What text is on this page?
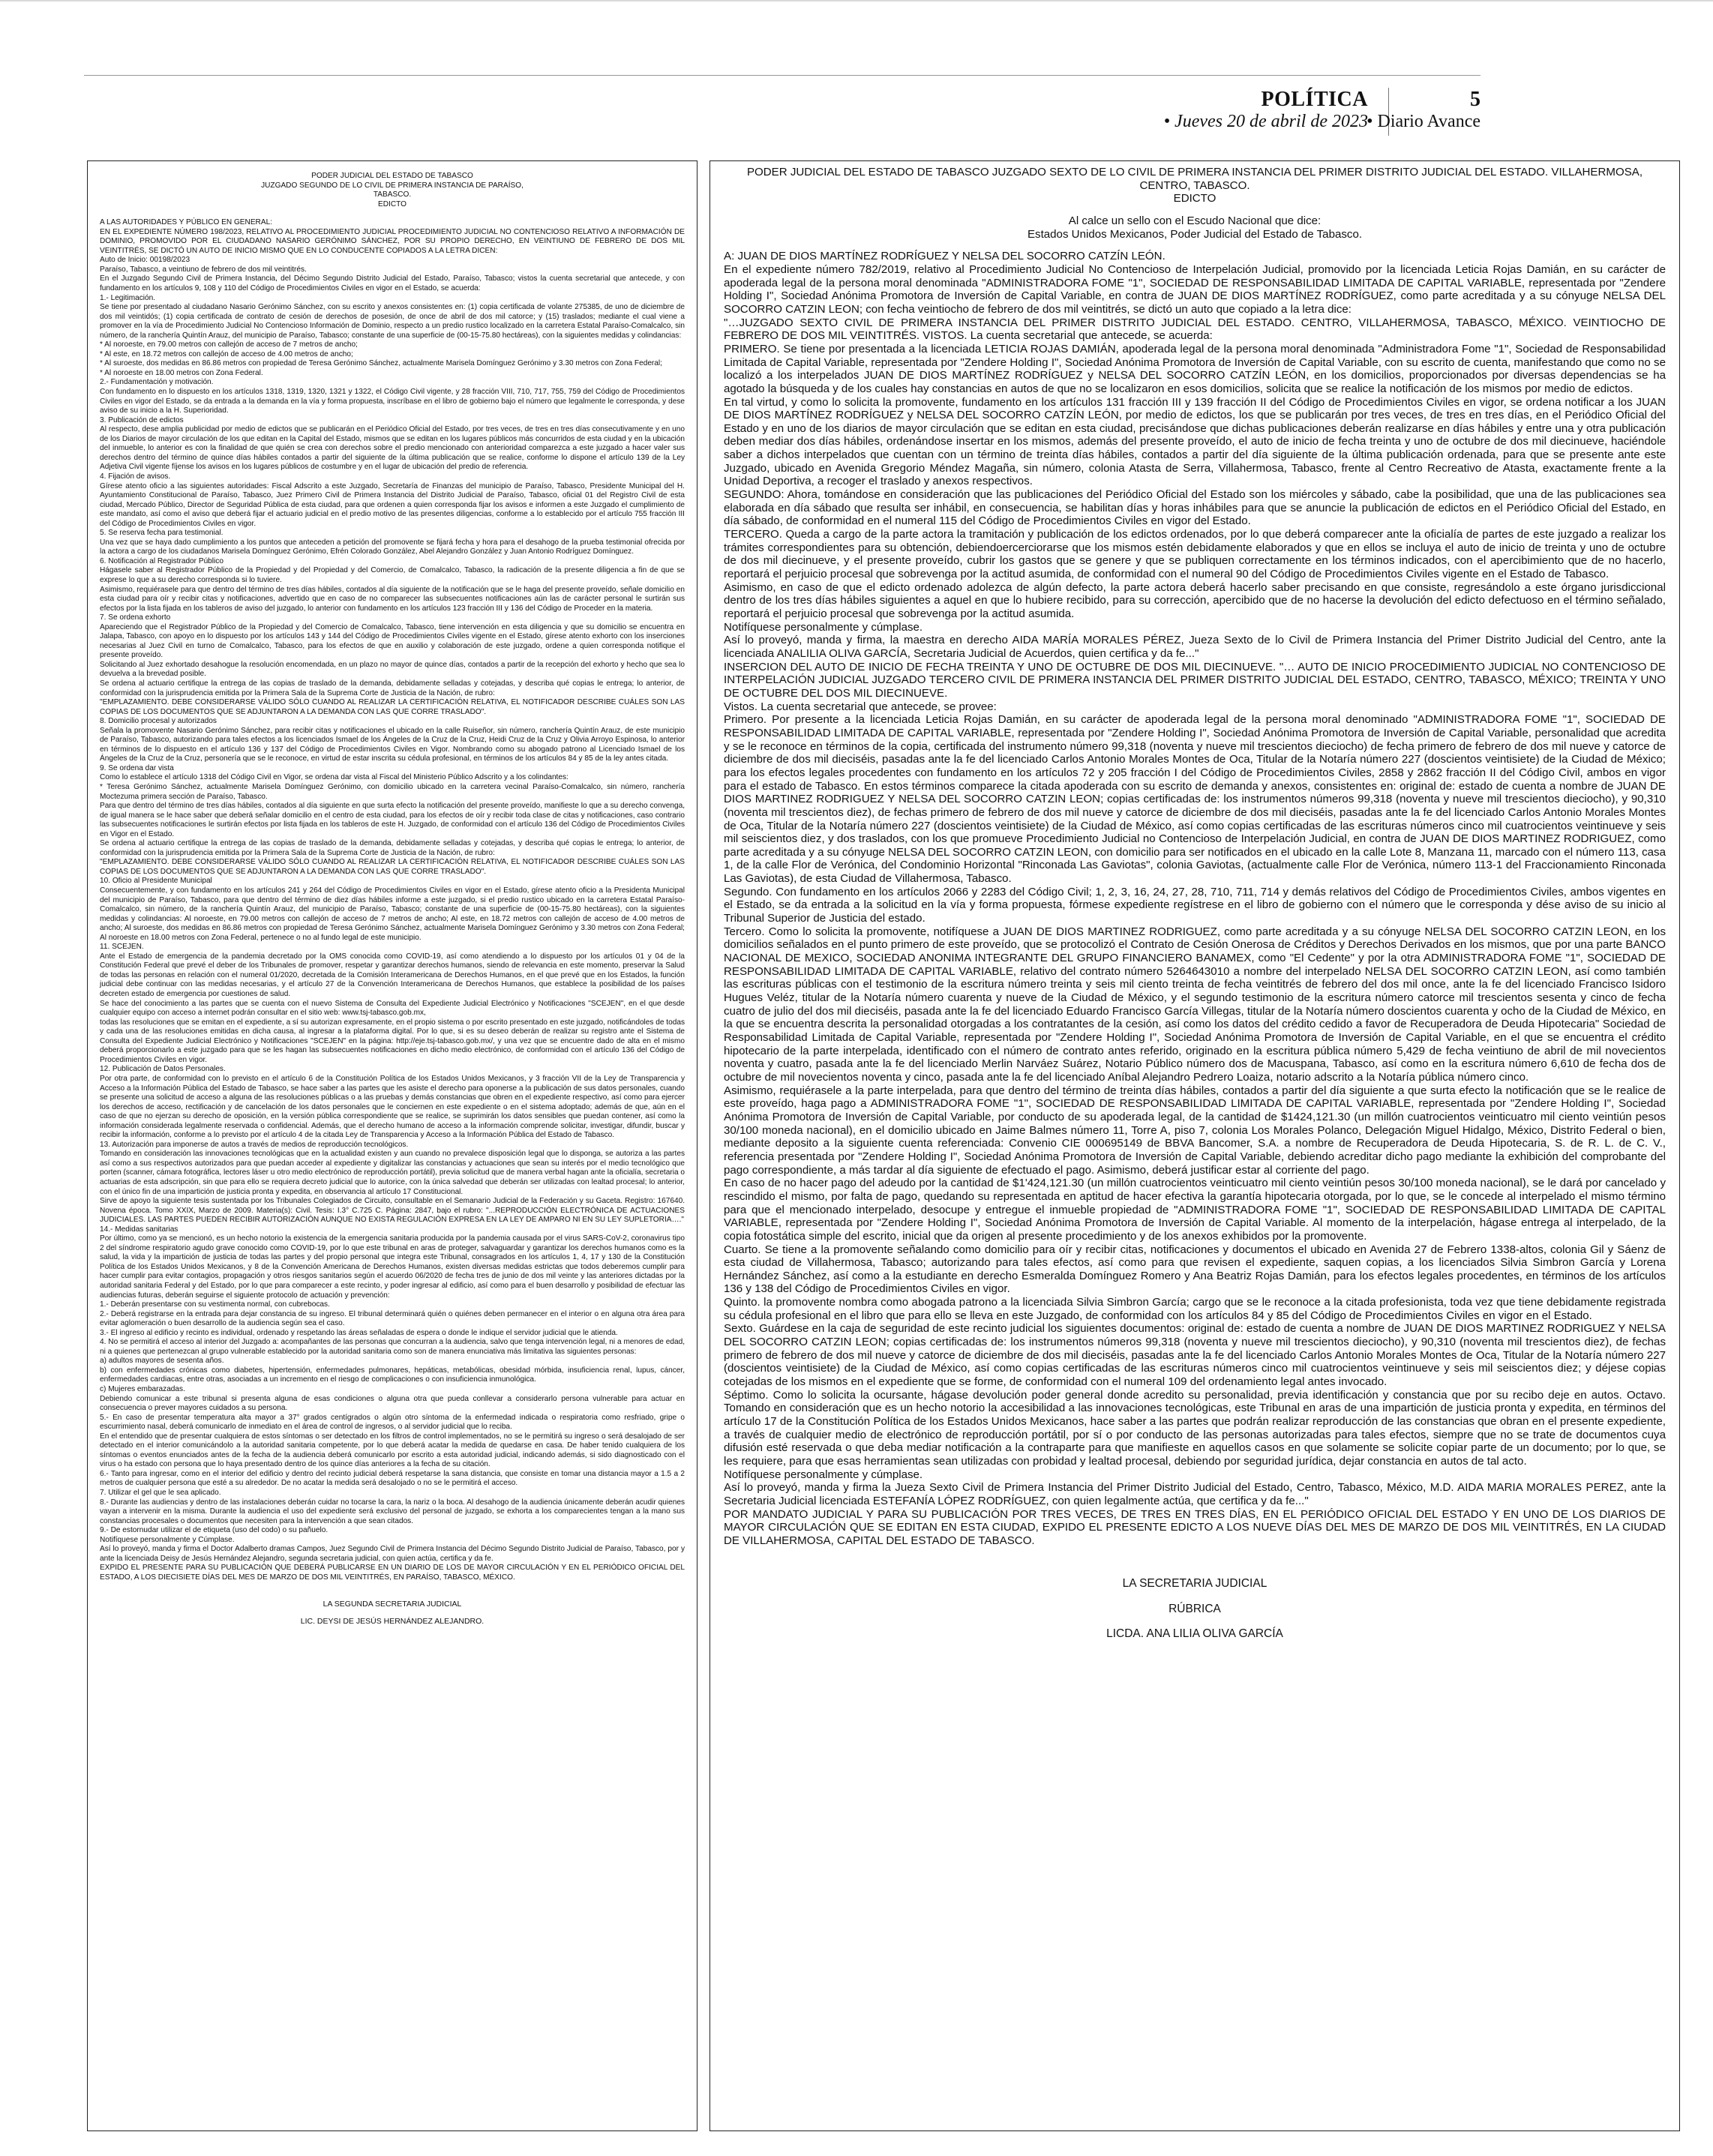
POLÍTICA	5
• Jueves 20 de abril de 2023
• Diario Avance

PODER JUDICIAL DEL ESTADO DE TABASCO

JUZGADO SEGUNDO DE LO CIVIL DE PRIMERA INSTANCIA DE PARAÍSO,

TABASCO.

EDICTO

A LAS AUTORIDADES Y PÚBLICO EN GENERAL:

EN EL EXPEDIENTE NÚMERO 198/2023, RELATIVO AL PROCEDIMIENTO JUDICIAL PROCEDIMIENTO JUDICIAL NO CONTENCIOSO RELATIVO A INFORMACIÓN DE DOMINIO, PROMOVIDO POR EL CIUDADANO NASARIO GERÓNIMO SÁNCHEZ, POR SU PROPIO DERECHO, EN VEINTIUNO DE FEBRERO DE DOS MIL VEINTITRÉS, SE DICTÓ UN AUTO DE INICIO MISMO QUE EN LO CONDUCENTE COPIADOS A LA LETRA DICEN:

Auto de Inicio: 00198/2023

Paraíso, Tabasco, a veintiuno de febrero de dos mil veintitrés.

En el Juzgado Segundo Civil de Primera Instancia, del Décimo Segundo Distrito Judicial del Estado, Paraíso, Tabasco; vistos la cuenta secretarial que antecede, y con fundamento en los artículos 9, 108 y 110 del Código de Procedimientos Civiles en vigor en el Estado, se acuerda:

1.- Legitimación.

Se tiene por presentado al ciudadano Nasario Gerónimo Sánchez, con su escrito y anexos consistentes en: (1) copia certificada de volante 275385, de uno de diciembre de dos mil veintidós; (1) copia certificada de contrato de cesión de derechos de posesión, de once de abril de dos mil catorce; y (15) traslados; mediante el cual viene a promover en la vía de Procedimiento Judicial No Contencioso Información de Dominio, respecto a un predio rustico localizado en la carretera Estatal Paraíso-Comalcalco, sin número, de la ranchería Quintín Arauz, del municipio de Paraíso, Tabasco; constante de una superficie de (00-15-75.80 hectáreas), con la siguientes medidas y colindancias:

* Al noroeste, en 79.00 metros con callejón de acceso de 7 metros de ancho;

* Al este, en 18.72 metros con callejón de acceso de 4.00 metros de ancho;

* Al suroeste, dos medidas en 86.86 metros con propiedad de Teresa Gerónimo Sánchez, actualmente Marisela Domínguez Gerónimo y 3.30 metros con Zona Federal;

* Al noroeste en 18.00 metros con Zona Federal.

2.- Fundamentación y motivación.

Con fundamento en lo dispuesto en los artículos 1318, 1319, 1320, 1321 y 1322, el Código Civil vigente, y 28 fracción VIII, 710, 717, 755, 759 del Código de Procedimientos Civiles en vigor del Estado, se da entrada a la demanda en la vía y forma propuesta, inscríbase en el libro de gobierno bajo el número que legalmente le corresponda, y dese aviso de su inicio a la H. Superioridad.

3. Publicación de edictos

Al respecto, dese amplia publicidad por medio de edictos que se publicarán en el Periódico Oficial del Estado, por tres veces, de tres en tres días consecutivamente y en uno de los Diarios de mayor circulación de los que editan en la Capital del Estado, mismos que se editan en los lugares públicos más concurridos de esta ciudad y en la ubicación del inmueble, lo anterior es con la finalidad de que quién se crea con derechos sobre el predio mencionado con anterioridad comparezca a este juzgado a hacer valer sus derechos dentro del término de quince días hábiles contados a partir del siguiente de la última publicación que se realice, conforme lo dispone el artículo 139 de la Ley Adjetiva Civil vigente fíjense los avisos en los lugares públicos de costumbre y en el lugar de ubicación del predio de referencia.

4. Fijación de avisos.

Gírese atento oficio a las siguientes autoridades: Fiscal Adscrito a este Juzgado, Secretaría de Finanzas del municipio de Paraíso, Tabasco, Presidente Municipal del H. Ayuntamiento Constitucional de Paraíso, Tabasco, Juez Primero Civil de Primera Instancia del Distrito Judicial de Paraíso, Tabasco, oficial 01 del Registro Civil de esta ciudad, Mercado Público, Director de Seguridad Pública de esta ciudad, para que ordenen a quien corresponda fijar los avisos e informen a este Juzgado el cumplimiento de este mandato, así como el aviso que deberá fijar el actuario judicial en el predio motivo de las presentes diligencias, conforme a lo establecido por el artículo 755 fracción III del Código de Procedimientos Civiles en vigor.

5. Se reserva fecha para testimonial.

Una vez que se haya dado cumplimiento a los puntos que anteceden a petición del promovente se fijará fecha y hora para el desahogo de la prueba testimonial ofrecida por la actora a cargo de los ciudadanos Marisela Domínguez Gerónimo, Efrén Colorado González, Abel Alejandro González y Juan Antonio Rodríguez Domínguez.

6. Notificación al Registrador Público

Hágasele saber al Registrador Público de la Propiedad y del Propiedad y del Comercio, de Comalcalco, Tabasco, la radicación de la presente diligencia a fin de que se exprese lo que a su derecho corresponda si lo tuviere.

Asimismo, requiérasele para que dentro del término de tres días hábiles, contados al día siguiente de la notificación que se le haga del presente proveído, señale domicilio en esta ciudad para oír y recibir citas y notificaciones, advertido que en caso de no comparecer las subsecuentes notificaciones aún las de carácter personal le surtirán sus efectos por la lista fijada en los tableros de aviso del juzgado, lo anterior con fundamento en los artículos 123 fracción III y 136 del Código de Proceder en la materia.

7. Se ordena exhorto

Apareciendo que el Registrador Público de la Propiedad y del Comercio de Comalcalco, Tabasco, tiene intervención en esta diligencia y que su domicilio se encuentra en Jalapa, Tabasco, con apoyo en lo dispuesto por los artículos 143 y 144 del Código de Procedimientos Civiles vigente en el Estado, gírese atento exhorto con los inserciones necesarias al Juez Civil en turno de Comalcalco, Tabasco, para los efectos de que en auxilio y colaboración de este juzgado, ordene a quien corresponda notifique el presente proveído.

Solicitando al Juez exhortado desahogue la resolución encomendada, en un plazo no mayor de quince días, contados a partir de la recepción del exhorto y hecho que sea lo devuelva a la brevedad posible.

Se ordena al actuario certifique la entrega de las copias de traslado de la demanda, debidamente selladas y cotejadas, y describa qué copias le entrega; lo anterior, de conformidad con la jurisprudencia emitida por la Primera Sala de la Suprema Corte de Justicia de la Nación, de rubro:

"EMPLAZAMIENTO. DEBE CONSIDERARSE VÁLIDO SÓLO CUANDO AL REALIZAR LA CERTIFICACIÓN RELATIVA, EL NOTIFICADOR DESCRIBE CUÁLES SON LAS COPIAS DE LOS DOCUMENTOS QUE SE ADJUNTARON A LA DEMANDA CON LAS QUE CORRE TRASLADO".

8. Domicilio procesal y autorizados

Señala la promovente Nasario Gerónimo Sánchez, para recibir citas y notificaciones el ubicado en la calle Ruiseñor, sin número, ranchería Quintín Arauz, de este municipio de Paraíso, Tabasco, autorizando para tales efectos a los licenciados Ismael de los Ángeles de la Cruz de la Cruz, Heidi Cruz de la Cruz y Olivia Arroyo Espinosa, lo anterior en términos de lo dispuesto en el artículo 136 y 137 del Código de Procedimientos Civiles en Vigor. Nombrando como su abogado patrono al Licenciado Ismael de los Ángeles de la Cruz de la Cruz, personería que se le reconoce, en virtud de estar inscrita su cédula profesional, en términos de los artículos 84 y 85 de la ley antes citada.

9. Se ordena dar vista

Como lo establece el artículo 1318 del Código Civil en Vigor, se ordena dar vista al Fiscal del Ministerio Público Adscrito y a los colindantes:

* Teresa Gerónimo Sánchez, actualmente Marisela Domínguez Gerónimo, con domicilio ubicado en la carretera vecinal Paraíso-Comalcalco, sin número, ranchería Moctezuma primera sección de Paraíso, Tabasco.

Para que dentro del término de tres días hábiles, contados al día siguiente en que surta efecto la notificación del presente proveído, manifieste lo que a su derecho convenga, de igual manera se le hace saber que deberá señalar domicilio en el centro de esta ciudad, para los efectos de oír y recibir toda clase de citas y notificaciones, caso contrario las subsecuentes notificaciones le surtirán efectos por lista fijada en los tableros de este H. Juzgado, de conformidad con el artículo 136 del Código de Procedimientos Civiles en Vigor en el Estado.

Se ordena al actuario certifique la entrega de las copias de traslado de la demanda, debidamente selladas y cotejadas, y describa qué copias le entrega; lo anterior, de conformidad con la jurisprudencia emitida por la Primera Sala de la Suprema Corte de Justicia de la Nación, de rubro:

"EMPLAZAMIENTO. DEBE CONSIDERARSE VÁLIDO SÓLO CUANDO AL REALIZAR LA CERTIFICACIÓN RELATIVA, EL NOTIFICADOR DESCRIBE CUÁLES SON LAS COPIAS DE LOS DOCUMENTOS QUE SE ADJUNTARON A LA DEMANDA CON LAS QUE CORRE TRASLADO".

10. Oficio al Presidente Municipal

Consecuentemente, y con fundamento en los artículos 241 y 264 del Código de Procedimientos Civiles en vigor en el Estado, gírese atento oficio a la Presidenta Municipal del municipio de Paraíso, Tabasco, para que dentro del término de diez días hábiles informe a este juzgado, si el predio rustico ubicado en la carretera Estatal Paraíso-Comalcalco, sin número, de la ranchería Quintín Arauz, del municipio de Paraíso, Tabasco; constante de una superficie de (00-15-75.80 hectáreas), con la siguientes medidas y colindancias: Al noroeste, en 79.00 metros con callejón de acceso de 7 metros de ancho; Al este, en 18.72 metros con callejón de acceso de 4.00 metros de ancho; Al suroeste, dos medidas en 86.86 metros con propiedad de Teresa Gerónimo Sánchez, actualmente Marisela Domínguez Gerónimo y 3.30 metros con Zona Federal; Al noroeste en 18.00 metros con Zona Federal, pertenece o no al fundo legal de este municipio.

11. SCEJEN.

Ante el Estado de emergencia de la pandemia decretado por la OMS conocida como COVID-19, así como atendiendo a lo dispuesto por los artículos 01 y 04 de la Constitución Federal que prevé el deber de los Tribunales de promover, respetar y garantizar derechos humanos, siendo de relevancia en este momento, preservar la Salud de todas las personas en relación con el numeral 01/2020, decretada de la Comisión Interamericana de Derechos Humanos, en el que prevé que en los Estados, la función judicial debe continuar con las medidas necesarias, y el artículo 27 de la Convención Interamericana de Derechos Humanos, que establece la posibilidad de los países decreten estado de emergencia por cuestiones de salud.

Se hace del conocimiento a las partes que se cuenta con el nuevo Sistema de Consulta del Expediente Judicial Electrónico y Notificaciones "SCEJEN", en el que desde cualquier equipo con acceso a internet podrán consultar en el sitio web: www.tsj-tabasco.gob.mx,

todas las resoluciones que se emitan en el expediente, a sí su autorizan expresamente, en el propio sistema o por escrito presentado en este juzgado, notificándoles de todas y cada una de las resoluciones emitidas en dicha causa, al ingresar a la plataforma digital. Por lo que, si es su deseo deberán de realizar su registro ante el Sistema de Consulta del Expediente Judicial Electrónico y Notificaciones "SCEJEN" en la página: http://eje.tsj-tabasco.gob.mx/, y una vez que se encuentre dado de alta en el mismo deberá proporcionarlo a este juzgado para que se les hagan las subsecuentes notificaciones en dicho medio electrónico, de conformidad con el artículo 136 del Código de Procedimientos Civiles en vigor.

12. Publicación de Datos Personales.

Por otra parte, de conformidad con lo previsto en el artículo 6 de la Constitución Política de los Estados Unidos Mexicanos, y 3 fracción VII de la Ley de Transparencia y Acceso a la Información Pública del Estado de Tabasco, se hace saber a las partes que les asiste el derecho para oponerse a la publicación de sus datos personales, cuando se presente una solicitud de acceso a alguna de las resoluciones públicas o a las pruebas y demás constancias que obren en el expediente respectivo, así como para ejercer los derechos de acceso, rectificación y de cancelación de los datos personales que le conciernen en este expediente o en el sistema adoptado; además de que, aún en el caso de que no ejerzan su derecho de oposición, en la versión pública correspondiente que se realice, se suprimirán los datos sensibles que puedan contener, así como la información considerada legalmente reservada o confidencial. Además, que el derecho humano de acceso a la información comprende solicitar, investigar, difundir, buscar y recibir la información, conforme a lo previsto por el artículo 4 de la citada Ley de Transparencia y Acceso a la Información Pública del Estado de Tabasco.

13. Autorización para imponerse de autos a través de medios de reproducción tecnológicos.

Tomando en consideración las innovaciones tecnológicas que en la actualidad existen y aun cuando no prevalece disposición legal que lo disponga, se autoriza a las partes así como a sus respectivos autorizados para que puedan acceder al expediente y digitalizar las constancias y actuaciones que sean su interés por el medio tecnológico que porten (scanner, cámara fotográfica, lectores láser u otro medio electrónico de reproducción portátil), previa solicitud que de manera verbal hagan ante la oficialía, secretaria o actuarias de esta adscripción, sin que para ello se requiera decreto judicial que lo autorice, con la única salvedad que deberán ser utilizadas con lealtad procesal; lo anterior, con el único fin de una impartición de justicia pronta y expedita, en observancia al artículo 17 Constitucional.

Sirve de apoyo la siguiente tesis sustentada por los Tribunales Colegiados de Circuito, consultable en el Semanario Judicial de la Federación y su Gaceta. Registro: 167640. Novena época. Tomo XXIX, Marzo de 2009. Materia(s): Civil. Tesis: I.3° C.725 C. Página: 2847, bajo el rubro: "...REPRODUCCIÓN ELECTRÓNICA DE ACTUACIONES JUDICIALES. LAS PARTES PUEDEN RECIBIR AUTORIZACIÓN AUNQUE NO EXISTA REGULACIÓN EXPRESA EN LA LEY DE AMPARO NI EN SU LEY SUPLETORIA…."

14.- Medidas sanitarias

Por último, como ya se mencionó, es un hecho notorio la existencia de la emergencia sanitaria producida por la pandemia causada por el virus SARS-CoV-2, coronavirus tipo 2 del síndrome respiratorio agudo grave conocido como COVID-19, por lo que este tribunal en aras de proteger, salvaguardar y garantizar los derechos humanos como es la salud, la vida y la impartición de justicia de todas las partes y del propio personal que integra este Tribunal, consagrados en los artículos 1, 4, 17 y 130 de la Constitución Política de los Estados Unidos Mexicanos, y 8 de la Convención Americana de Derechos Humanos, existen diversas medidas estrictas que todos deberemos cumplir para hacer cumplir para evitar contagios, propagación y otros riesgos sanitarios según el acuerdo 06/2020 de fecha tres de junio de dos mil veinte y las anteriores dictadas por la autoridad sanitaria Federal y del Estado, por lo que para comparecer a este recinto, y poder ingresar al edificio, así como para el buen desarrollo y posibilidad de efectuar las audiencias futuras, deberán seguirse el siguiente protocolo de actuación y prevención:

1.- Deberán presentarse con su vestimenta normal, con cubrebocas.

2.- Deberá registrarse en la entrada para dejar constancia de su ingreso. El tribunal determinará quién o quiénes deben permanecer en el interior o en alguna otra área para evitar aglomeración o buen desarrollo de la audiencia según sea el caso.

3.- El ingreso al edificio y recinto es individual, ordenado y respetando las áreas señaladas de espera o donde le indique el servidor judicial que le atienda.

4. No se permitirá el acceso al interior del Juzgado a: acompañantes de las personas que concurran a la audiencia, salvo que tenga intervención legal, ni a menores de edad, ni a quienes que pertenezcan al grupo vulnerable establecido por la autoridad sanitaria como son de manera enunciativa más limitativa las siguientes personas:

a) adultos mayores de sesenta años.

b) con enfermedades crónicas como diabetes, hipertensión, enfermedades pulmonares, hepáticas, metabólicas, obesidad mórbida, insuficiencia renal, lupus, cáncer, enfermedades cardiacas, entre otras, asociadas a un incremento en el riesgo de complicaciones o con insuficiencia inmunológica.

c) Mujeres embarazadas.

Debiendo comunicar a este tribunal si presenta alguna de esas condiciones o alguna otra que pueda conllevar a considerarlo persona vulnerable para actuar en consecuencia o prever mayores cuidados a su persona.

5.- En caso de presentar temperatura alta mayor a 37° grados centígrados o algún otro síntoma de la enfermedad indicada o respiratoria como resfriado, gripe o escurrimiento nasal, deberá comunicarlo de inmediato en el área de control de ingresos, o al servidor judicial que lo reciba.

En el entendido que de presentar cualquiera de estos síntomas o ser detectado en los filtros de control implementados, no se le permitirá su ingreso o será desalojado de ser detectado en el interior comunicándolo a la autoridad sanitaria competente, por lo que deberá acatar la medida de quedarse en casa. De haber tenido cualquiera de los síntomas o eventos enunciados antes de la fecha de la audiencia deberá comunicarlo por escrito a esta autoridad judicial, indicando además, si sido diagnosticado con el virus o ha estado con persona que lo haya presentado dentro de los quince días anteriores a la fecha de su citación.

6.- Tanto para ingresar, como en el interior del edificio y dentro del recinto judicial deberá respetarse la sana distancia, que consiste en tomar una distancia mayor a 1.5 a 2 metros de cualquier persona que esté a su alrededor. De no acatar la medida será desalojado o no se le permitirá el acceso.

7. Utilizar el gel que le sea aplicado.

8.- Durante las audiencias y dentro de las instalaciones deberán cuidar no tocarse la cara, la nariz o la boca. Al desahogo de la audiencia únicamente deberán acudir quienes vayan a intervenir en la misma. Durante la audiencia el uso del expediente será exclusivo del personal de juzgado, se exhorta a los comparecientes tengan a la mano sus constancias procesales o documentos que necesiten para la intervención a que sean citados.

9.- De estornudar utilizar el de etiqueta (uso del codo) o su pañuelo.

Notifíquese personalmente y Cúmplase.

Así lo proveyó, manda y firma el Doctor Adalberto dramas Campos, Juez Segundo Civil de Primera Instancia del Décimo Segundo Distrito Judicial de Paraíso, Tabasco, por y ante la licenciada Deisy de Jesús Hernández Alejandro, segunda secretaria judicial, con quien actúa, certifica y da fe.

EXPIDO EL PRESENTE PARA SU PUBLICACIÓN QUE DEBERÁ PUBLICARSE EN UN DIARIO DE LOS DE MAYOR CIRCULACIÓN Y EN EL PERIÓDICO OFICIAL DEL ESTADO, A LOS DIECISIETE DÍAS DEL MES DE MARZO DE DOS MIL VEINTITRÉS, EN PARAÍSO, TABASCO, MÉXICO.

LA SEGUNDA SECRETARIA JUDICIAL

LIC. DEYSI DE JESÚS HERNÁNDEZ ALEJANDRO.

PODER JUDICIAL DEL ESTADO DE TABASCO JUZGADO SEXTO DE LO CIVIL DE PRIMERA INSTANCIA DEL PRIMER DISTRITO JUDICIAL DEL ESTADO. VILLAHERMOSA, CENTRO, TABASCO.

EDICTO

Al calce un sello con el Escudo Nacional que dice:

Estados Unidos Mexicanos, Poder Judicial del Estado de Tabasco.

A: JUAN DE DIOS MARTÍNEZ RODRÍGUEZ Y NELSA DEL SOCORRO CATZÍN LEÓN.

En el expediente número 782/2019, relativo al Procedimiento Judicial No Contencioso de Interpelación Judicial, promovido por la licenciada Leticia Rojas Damián, en su carácter de apoderada legal de la persona moral denominada "ADMINISTRADORA FOME "1", SOCIEDAD DE RESPONSABILIDAD LIMITADA DE CAPITAL VARIABLE, representada por "Zendere Holding I", Sociedad Anónima Promotora de Inversión de Capital Variable, en contra de JUAN DE DIOS MARTÍNEZ RODRÍGUEZ, como parte acreditada y a su cónyuge NELSA DEL SOCORRO CATZIN LEON; con fecha veintiocho de febrero de dos mil veintitrés, se dictó un auto que copiado a la letra dice:

"…JUZGADO SEXTO CIVIL DE PRIMERA INSTANCIA DEL PRIMER DISTRITO JUDICIAL DEL ESTADO. CENTRO, VILLAHERMOSA, TABASCO, MÉXICO. VEINTIOCHO DE FEBRERO DE DOS MIL VEINTITRÉS. VISTOS. La cuenta secretarial que antecede, se acuerda:

PRIMERO. Se tiene por presentada a la licenciada LETICIA ROJAS DAMIÁN, apoderada legal de la persona moral denominada "Administradora Fome "1", Sociedad de Responsabilidad Limitada de Capital Variable, representada por "Zendere Holding I", Sociedad Anónima Promotora de Inversión de Capital Variable, con su escrito de cuenta, manifestando que como no se localizó a los interpelados JUAN DE DIOS MARTÍNEZ RODRÍGUEZ y NELSA DEL SOCORRO CATZÍN LEÓN, en los domicilios, proporcionados por diversas dependencias se ha agotado la búsqueda y de los cuales hay constancias en autos de que no se localizaron en esos domicilios, solicita que se realice la notificación de los mismos por medio de edictos.

En tal virtud, y como lo solicita la promovente, fundamento en los artículos 131 fracción III y 139 fracción II del Código de Procedimientos Civiles en vigor, se ordena notificar a los JUAN DE DIOS MARTÍNEZ RODRÍGUEZ y NELSA DEL SOCORRO CATZÍN LEÓN, por medio de edictos, los que se publicarán por tres veces, de tres en tres días, en el Periódico Oficial del Estado y en uno de los diarios de mayor circulación que se editan en esta ciudad, precisándose que dichas publicaciones deberán realizarse en días hábiles y entre una y otra publicación deben mediar dos días hábiles, ordenándose insertar en los mismos, además del presente proveído, el auto de inicio de fecha treinta y uno de octubre de dos mil diecinueve, haciéndole saber a dichos interpelados que cuentan con un término de treinta días hábiles, contados a partir del día siguiente de la última publicación ordenada, para que se presente ante este Juzgado, ubicado en Avenida Gregorio Méndez Magaña, sin número, colonia Atasta de Serra, Villahermosa, Tabasco, frente al Centro Recreativo de Atasta, exactamente frente a la Unidad Deportiva, a recoger el traslado y anexos respectivos.

SEGUNDO: Ahora, tomándose en consideración que las publicaciones del Periódico Oficial del Estado son los miércoles y sábado, cabe la posibilidad, que una de las publicaciones sea elaborada en día sábado que resulta ser inhábil, en consecuencia, se habilitan días y horas inhábiles para que se anuncie la publicación de edictos en el Periódico Oficial del Estado, en día sábado, de conformidad en el numeral 115 del Código de Procedimientos Civiles en vigor del Estado.

TERCERO. Queda a cargo de la parte actora la tramitación y publicación de los edictos ordenados, por lo que deberá comparecer ante la oficialía de partes de este juzgado a realizar los trámites correspondientes para su obtención, debiendoercerciorarse que los mismos estén debidamente elaborados y que en ellos se incluya el auto de inicio de treinta y uno de octubre de dos mil diecinueve, y el presente proveído, cubrir los gastos que se genere y que se publiquen correctamente en los términos indicados, con el apercibimiento que de no hacerlo, reportará el perjuicio procesal que sobrevenga por la actitud asumida, de conformidad con el numeral 90 del Código de Procedimientos Civiles vigente en el Estado de Tabasco.

Asimismo, en caso de que el edicto ordenado adolezca de algún defecto, la parte actora deberá hacerlo saber precisando en que consiste, regresándolo a este órgano jurisdiccional dentro de los tres días hábiles siguientes a aquel en que lo hubiere recibido, para su corrección, apercibido que de no hacerse la devolución del edicto defectuoso en el término señalado, reportará el perjuicio procesal que sobrevenga por la actitud asumida.

Notifíquese personalmente y cúmplase.

Así lo proveyó, manda y firma, la maestra en derecho AIDA MARÍA MORALES PÉREZ, Jueza Sexto de lo Civil de Primera Instancia del Primer Distrito Judicial del Centro, ante la licenciada ANALILIA OLIVA GARCÍA, Secretaria Judicial de Acuerdos, quien certifica y da fe..."

INSERCION DEL AUTO DE INICIO DE FECHA TREINTA Y UNO DE OCTUBRE DE DOS MIL DIECINUEVE. "… AUTO DE INICIO PROCEDIMIENTO JUDICIAL NO CONTENCIOSO DE INTERPELACIÓN JUDICIAL JUZGADO TERCERO CIVIL DE PRIMERA INSTANCIA DEL PRIMER DISTRITO JUDICIAL DEL ESTADO, CENTRO, TABASCO, MÉXICO; TREINTA Y UNO DE OCTUBRE DEL DOS MIL DIECINUEVE.

Vistos. La cuenta secretarial que antecede, se provee:

Primero. Por presente a la licenciada Leticia Rojas Damián, en su carácter de apoderada legal de la persona moral denominado "ADMINISTRADORA FOME "1", SOCIEDAD DE RESPONSABILIDAD LIMITADA DE CAPITAL VARIABLE, representada por "Zendere Holding I", Sociedad Anónima Promotora de Inversión de Capital Variable, personalidad que acredita y se le reconoce en términos de la copia, certificada del instrumento número 99,318 (noventa y nueve mil trescientos dieciocho) de fecha primero de febrero de dos mil nueve y catorce de diciembre de dos mil dieciséis, pasadas ante la fe del licenciado Carlos Antonio Morales Montes de Oca, Titular de la Notaría número 227 (doscientos veintisiete) de la Ciudad de México; para los efectos legales procedentes con fundamento en los artículos 72 y 205 fracción I del Código de Procedimientos Civiles, 2858 y 2862 fracción II del Código Civil, ambos en vigor para el estado de Tabasco. En estos términos comparece la citada apoderada con su escrito de demanda y anexos, consistentes en: original de: estado de cuenta a nombre de JUAN DE DIOS MARTINEZ RODRIGUEZ Y NELSA DEL SOCORRO CATZIN LEON; copias certificadas de: los instrumentos números 99,318 (noventa y nueve mil trescientos dieciocho), y 90,310 (noventa mil trescientos diez), de fechas primero de febrero de dos mil nueve y catorce de diciembre de dos mil dieciséis, pasadas ante la fe del licenciado Carlos Antonio Morales Montes de Oca, Titular de la Notaría número 227 (doscientos veintisiete) de la Ciudad de México, así como copias certificadas de las escrituras números cinco mil cuatrocientos veintinueve y seis mil seiscientos diez, y dos traslados, con los que promueve Procedimiento Judicial no Contencioso de Interpelación Judicial, en contra de JUAN DE DIOS MARTINEZ RODRIGUEZ, como parte acreditada y a su cónyuge NELSA DEL SOCORRO CATZIN LEON, con domicilio para ser notificados en el ubicado en la calle Lote 8, Manzana 11, marcado con el número 113, casa 1, de la calle Flor de Verónica, del Condominio Horizontal "Rinconada Las Gaviotas", colonia Gaviotas, (actualmente calle Flor de Verónica, número 113-1 del Fraccionamiento Rinconada Las Gaviotas), de esta Ciudad de Villahermosa, Tabasco.

Segundo. Con fundamento en los artículos 2066 y 2283 del Código Civil; 1, 2, 3, 16, 24, 27, 28, 710, 711, 714 y demás relativos del Código de Procedimientos Civiles, ambos vigentes en el Estado, se da entrada a la solicitud en la vía y forma propuesta, fórmese expediente regístrese en el libro de gobierno con el número que le corresponda y dése aviso de su inicio al Tribunal Superior de Justicia del estado.

Tercero. Como lo solicita la promovente, notifíquese a JUAN DE DIOS MARTINEZ RODRIGUEZ, como parte acreditada y a su cónyuge NELSA DEL SOCORRO CATZIN LEON, en los domicilios señalados en el punto primero de este proveído, que se protocolizó el Contrato de Cesión Onerosa de Créditos y Derechos Derivados en los mismos, que por una parte BANCO NACIONAL DE MEXICO, SOCIEDAD ANONIMA INTEGRANTE DEL GRUPO FINANCIERO BANAMEX, como "El Cedente" y por la otra ADMINISTRADORA FOME "1", SOCIEDAD DE RESPONSABILIDAD LIMITADA DE CAPITAL VARIABLE, relativo del contrato número 5264643010 a nombre del interpelado NELSA DEL SOCORRO CATZIN LEON, así como también las escrituras públicas con el testimonio de la escritura número treinta y seis mil ciento treinta de fecha veintitrés de febrero del dos mil once, ante la fe del licenciado Francisco Isidoro Hugues Veléz, titular de la Notaría número cuarenta y nueve de la Ciudad de México, y el segundo testimonio de la escritura número catorce mil trescientos sesenta y cinco de fecha cuatro de julio del dos mil dieciséis, pasada ante la fe del licenciado Eduardo Francisco García Villegas, titular de la Notaría número doscientos cuarenta y ocho de la Ciudad de México, en la que se encuentra descrita la personalidad otorgadas a los contratantes de la cesión, así como los datos del crédito cedido a favor de Recuperadora de Deuda Hipotecaria" Sociedad de Responsabilidad Limitada de Capital Variable, representada por "Zendere Holding I", Sociedad Anónima Promotora de Inversión de Capital Variable, en el que se encuentra el crédito hipotecario de la parte interpelada, identificado con el número de contrato antes referido, originado en la escritura pública número 5,429 de fecha veintiuno de abril de mil novecientos noventa y cuatro, pasada ante la fe del licenciado Merlin Narváez Suárez, Notario Público número dos de Macuspana, Tabasco, así como en la escritura número 6,610 de fecha dos de octubre de mil novecientos noventa y cinco, pasada ante la fe del licenciado Aníbal Alejandro Pedrero Loaiza, notario adscrito a la Notaría pública número cinco.

Asimismo, requiérasele a la parte interpelada, para que dentro del término de treinta días hábiles, contados a partir del día siguiente a que surta efecto la notificación que se le realice de este proveído, haga pago a ADMINISTRADORA FOME "1", SOCIEDAD DE RESPONSABILIDAD LIMITADA DE CAPITAL VARIABLE, representada por "Zendere Holding I", Sociedad Anónima Promotora de Inversión de Capital Variable, por conducto de su apoderada legal, de la cantidad de $1424,121.30 (un millón cuatrocientos veinticuatro mil ciento veintiún pesos 30/100 moneda nacional), en el domicilio ubicado en Jaime Balmes número 11, Torre A, piso 7, colonia Los Morales Polanco, Delegación Miguel Hidalgo, México, Distrito Federal o bien, mediante deposito a la siguiente cuenta referenciada: Convenio CIE 000695149 de BBVA Bancomer, S.A. a nombre de Recuperadora de Deuda Hipotecaria, S. de R. L. de C. V., referencia presentada por "Zendere Holding I", Sociedad Anónima Promotora de Inversión de Capital Variable, debiendo acreditar dicho pago mediante la exhibición del comprobante del pago correspondiente, a más tardar al día siguiente de efectuado el pago. Asimismo, deberá justificar estar al corriente del pago.

En caso de no hacer pago del adeudo por la cantidad de $1'424,121.30 (un millón cuatrocientos veinticuatro mil ciento veintiún pesos 30/100 moneda nacional), se le dará por cancelado y rescindido el mismo, por falta de pago, quedando su representada en aptitud de hacer efectiva la garantía hipotecaria otorgada, por lo que, se le concede al interpelado el mismo término para que el mencionado interpelado, desocupe y entregue el inmueble propiedad de "ADMINISTRADORA FOME "1", SOCIEDAD DE RESPONSABILIDAD LIMITADA DE CAPITAL VARIABLE, representada por "Zendere Holding I", Sociedad Anónima Promotora de Inversión de Capital Variable. Al momento de la interpelación, hágase entrega al interpelado, de la copia fotostática simple del escrito, inicial que da origen al presente procedimiento y de los anexos exhibidos por la promovente.

Cuarto. Se tiene a la promovente señalando como domicilio para oír y recibir citas, notificaciones y documentos el ubicado en Avenida 27 de Febrero 1338-altos, colonia Gil y Sáenz de esta ciudad de Villahermosa, Tabasco; autorizando para tales efectos, así como para que revisen el expediente, saquen copias, a los licenciados Silvia Simbron García y Lorena Hernández Sánchez, así como a la estudiante en derecho Esmeralda Domínguez Romero y Ana Beatriz Rojas Damián, para los efectos legales procedentes, en términos de los artículos 136 y 138 del Código de Procedimientos Civiles en vigor.

Quinto. la promovente nombra como abogada patrono a la licenciada Silvia Simbron García; cargo que se le reconoce a la citada profesionista, toda vez que tiene debidamente registrada su cédula profesional en el libro que para ello se lleva en este Juzgado, de conformidad con los artículos 84 y 85 del Código de Procedimientos Civiles en vigor en el Estado.

Sexto. Guárdese en la caja de seguridad de este recinto judicial los siguientes documentos: original de: estado de cuenta a nombre de JUAN DE DIOS MARTINEZ RODRIGUEZ Y NELSA DEL SOCORRO CATZIN LEON; copias certificadas de: los instrumentos números 99,318 (noventa y nueve mil trescientos dieciocho), y 90,310 (noventa mil trescientos diez), de fechas primero de febrero de dos mil nueve y catorce de diciembre de dos mil dieciséis, pasadas ante la fe del licenciado Carlos Antonio Morales Montes de Oca, Titular de la Notaría número 227 (doscientos veintisiete) de la Ciudad de México, así como copias certificadas de las escrituras números cinco mil cuatrocientos veintinueve y seis mil seiscientos diez; y déjese copias cotejadas de los mismos en el expediente que se forme, de conformidad con el numeral 109 del ordenamiento legal antes invocado.

Séptimo. Como lo solicita la ocursante, hágase devolución poder general donde acredito su personalidad, previa identificación y constancia que por su recibo deje en autos. Octavo. Tomando en consideración que es un hecho notorio la accesibilidad a las innovaciones tecnológicas, este Tribunal en aras de una impartición de justicia pronta y expedita, en términos del artículo 17 de la Constitución Política de los Estados Unidos Mexicanos, hace saber a las partes que podrán realizar reproducción de las constancias que obran en el presente expediente, a través de cualquier medio de electrónico de reproducción portátil, por sí o por conducto de las personas autorizadas para tales efectos, siempre que no se trate de documentos cuya difusión esté reservada o que deba mediar notificación a la contraparte para que manifieste en aquellos casos en que solamente se solicite copiar parte de un documento; por lo que, se les requiere, para que esas herramientas sean utilizadas con probidad y lealtad procesal, debiendo por seguridad jurídica, dejar constancia en autos de tal acto.

Notifíquese personalmente y cúmplase.

Así lo proveyó, manda y firma la Jueza Sexto Civil de Primera Instancia del Primer Distrito Judicial del Estado, Centro, Tabasco, México, M.D. AIDA MARIA MORALES PEREZ, ante la Secretaria Judicial licenciada ESTEFANÍA LÓPEZ RODRÍGUEZ, con quien legalmente actúa, que certifica y da fe..."

POR MANDATO JUDICIAL Y PARA SU PUBLICACIÓN POR TRES VECES, DE TRES EN TRES DÍAS, EN EL PERIÓDICO OFICIAL DEL ESTADO Y EN UNO DE LOS DIARIOS DE MAYOR CIRCULACIÓN QUE SE EDITAN EN ESTA CIUDAD, EXPIDO EL PRESENTE EDICTO A LOS NUEVE DÍAS DEL MES DE MARZO DE DOS MIL VEINTITRÉS, EN LA CIUDAD DE VILLAHERMOSA, CAPITAL DEL ESTADO DE TABASCO.

LA SECRETARIA JUDICIAL

RÚBRICA

LICDA. ANA LILIA OLIVA GARCÍA
